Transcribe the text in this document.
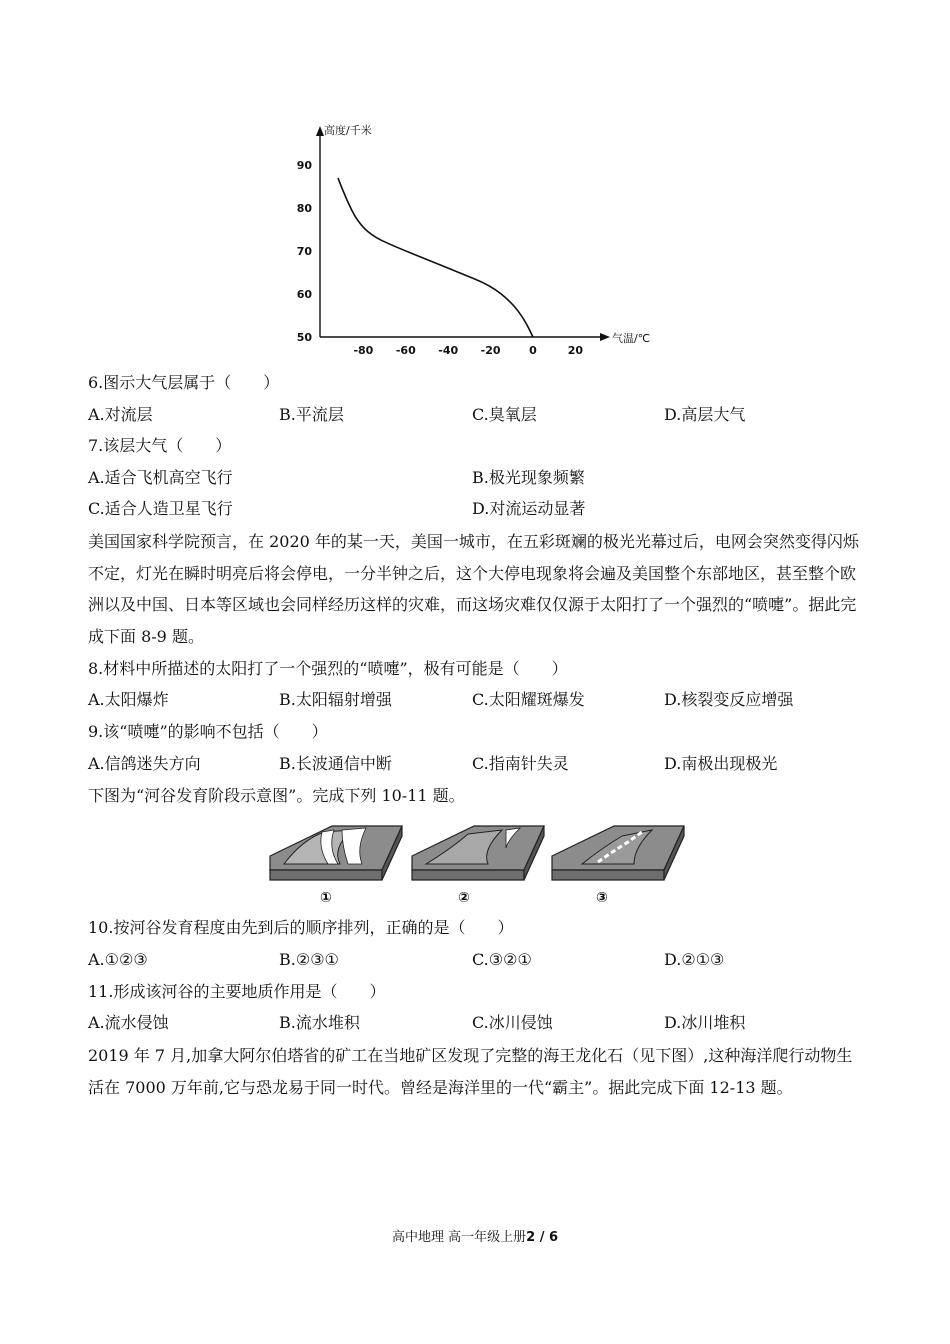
50
60
70
80
90
-80 -60 -40 -20	0	20
高度/千米
气温/℃
6.图示大气层属于（　　）
A.对流层	B.平流层	C.臭氧层	D.高层大气
7.该层大气（　　）
A.适合飞机高空飞行	B.极光现象频繁
C.适合人造卫星飞行	D.对流运动显著
美国国家科学院预言，在 2020 年的某一天，美国一城市，在五彩斑斓的极光光幕过后，电网会突然变得闪烁不定，灯光在瞬时明亮后将会停电，一分半钟之后，这个大停电现象将会遍及美国整个东部地区，甚至整个欧洲以及中国、日本等区域也会同样经历这样的灾难，而这场灾难仅仅源于太阳打了一个强烈的“喷嚏”。据此完成下面 8-9 题。
8.材料中所描述的太阳打了一个强烈的“喷嚏”，极有可能是（　　）
A.太阳爆炸	B.太阳辐射增强	C.太阳耀斑爆发	D.核裂变反应增强
9.该“喷嚏”的影响不包括（　　）
A.信鸽迷失方向	B.长波通信中断	C.指南针失灵	D.南极出现极光
下图为“河谷发育阶段示意图”。完成下列 10-11 题。
①	②	③
10.按河谷发育程度由先到后的顺序排列，正确的是（　　）
A.①②③	B.②③①	C.③②①	D.②①③
11.形成该河谷的主要地质作用是（　　）
A.流水侵蚀	B.流水堆积	C.冰川侵蚀	D.冰川堆积
2019 年 7 月,加拿大阿尔伯塔省的矿工在当地矿区发现了完整的海王龙化石（见下图）,这种海洋爬行动物生活在 7000 万年前,它与恐龙易于同一时代。曾经是海洋里的一代“霸主”。据此完成下面 12-13 题。
高中地理 高一年级上册2 / 6
